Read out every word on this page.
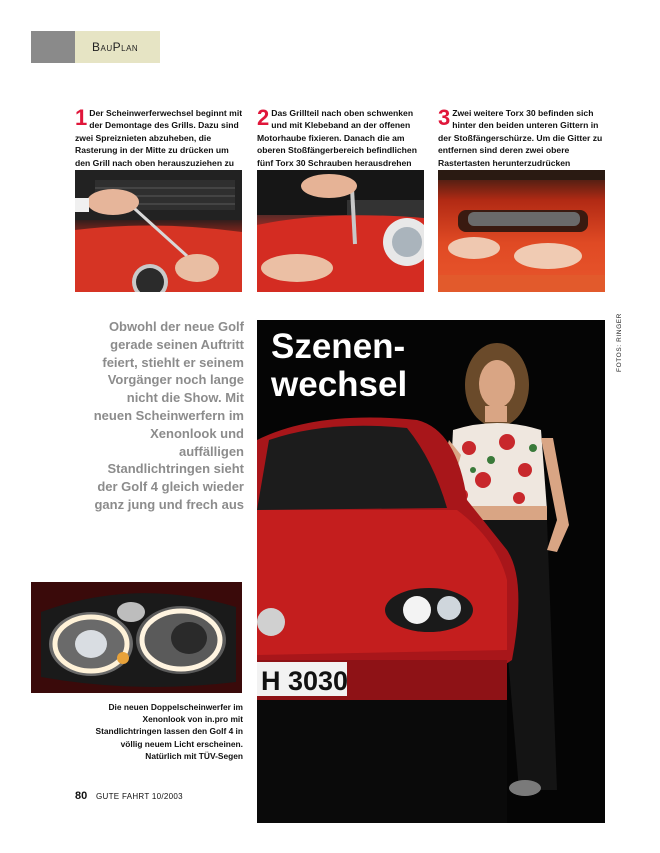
BauPlan
1 Der Scheinwerferwechsel beginnt mit der Demontage des Grills. Dazu sind zwei Spreiznieten abzuheben, die Rasterung in der Mitte zu drücken um den Grill nach oben herauszuziehen zu
2 Das Grillteil nach oben schwenken und mit Klebeband an der offenen Motorhaube fixieren. Danach die am oberen Stoßfängerbereich befindlichen fünf Torx 30 Schrauben herausdrehen
3 Zwei weitere Torx 30 befinden sich hinter den beiden unteren Gittern in der Stoßfängerschürze. Um die Gitter zu entfernen sind deren zwei obere Rastertasten herunterzudrücken
Obwohl der neue Golf gerade seinen Auftritt feiert, stiehlt er seinem Vorgänger noch lange nicht die Show. Mit neuen Scheinwerfern im Xenonlook und auffälligen Standlichtringen sieht der Golf 4 gleich wieder ganz jung und frech aus
H 3030
Szenen-
wechsel
FOTOS: RINGER
Die neuen Doppelscheinwerfer im Xenonlook von in.pro mit Standlichtringen lassen den Golf 4 in völlig neuem Licht erscheinen. Natürlich mit TÜV-Segen
80 GUTE FAHRT 10/2003
